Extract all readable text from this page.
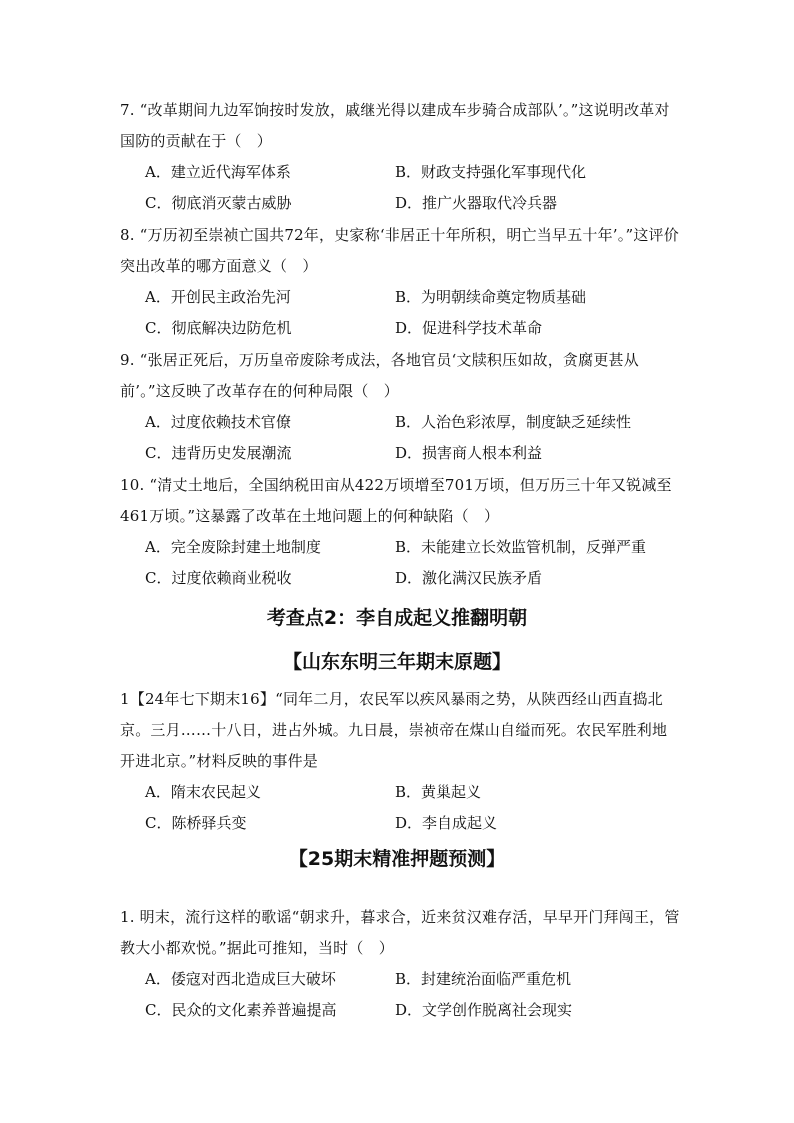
7. “改革期间九边军饷按时发放，戚继光得以建成车步骑合成部队’。”这说明改革对国防的贡献在于（　）

A．建立近代海军体系	B．财政支持强化军事现代化
C．彻底消灭蒙古威胁	D．推广火器取代冷兵器

8. “万历初至崇祯亡国共72年，史家称‘非居正十年所积，明亡当早五十年’。”这评价突出改革的哪方面意义（　）

A．开创民主政治先河	B．为明朝续命奠定物质基础
C．彻底解决边防危机	D．促进科学技术革命

9. “张居正死后，万历皇帝废除考成法，各地官员‘文牍积压如故，贪腐更甚从前’。”这反映了改革存在的何种局限（　）

A．过度依赖技术官僚	B．人治色彩浓厚，制度缺乏延续性
C．违背历史发展潮流	D．损害商人根本利益

10. “清丈土地后，全国纳税田亩从422万顷增至701万顷，但万历三十年又锐减至461万顷。”这暴露了改革在土地问题上的何种缺陷（　）

A．完全废除封建土地制度	B．未能建立长效监管机制，反弹严重
C．过度依赖商业税收	D．激化满汉民族矛盾
考查点2：李自成起义推翻明朝
【山东东明三年期末原题】

1【24年七下期末16】“同年二月，农民军以疾风暴雨之势，从陕西经山西直捣北京。三月……十八日，进占外城。九日晨，崇祯帝在煤山自缢而死。农民军胜利地开进北京。”材料反映的事件是

A．隋末农民起义	B．黄巢起义
C．陈桥驿兵变	D．李自成起义
【25期末精准押题预测】

1. 明末，流行这样的歌谣“朝求升，暮求合，近来贫汉难存活，早早开门拜闯王，管教大小都欢悦。”据此可推知，当时（　）

A．倭寇对西北造成巨大破坏	B．封建统治面临严重危机
C．民众的文化素养普遍提高	D．文学创作脱离社会现实
